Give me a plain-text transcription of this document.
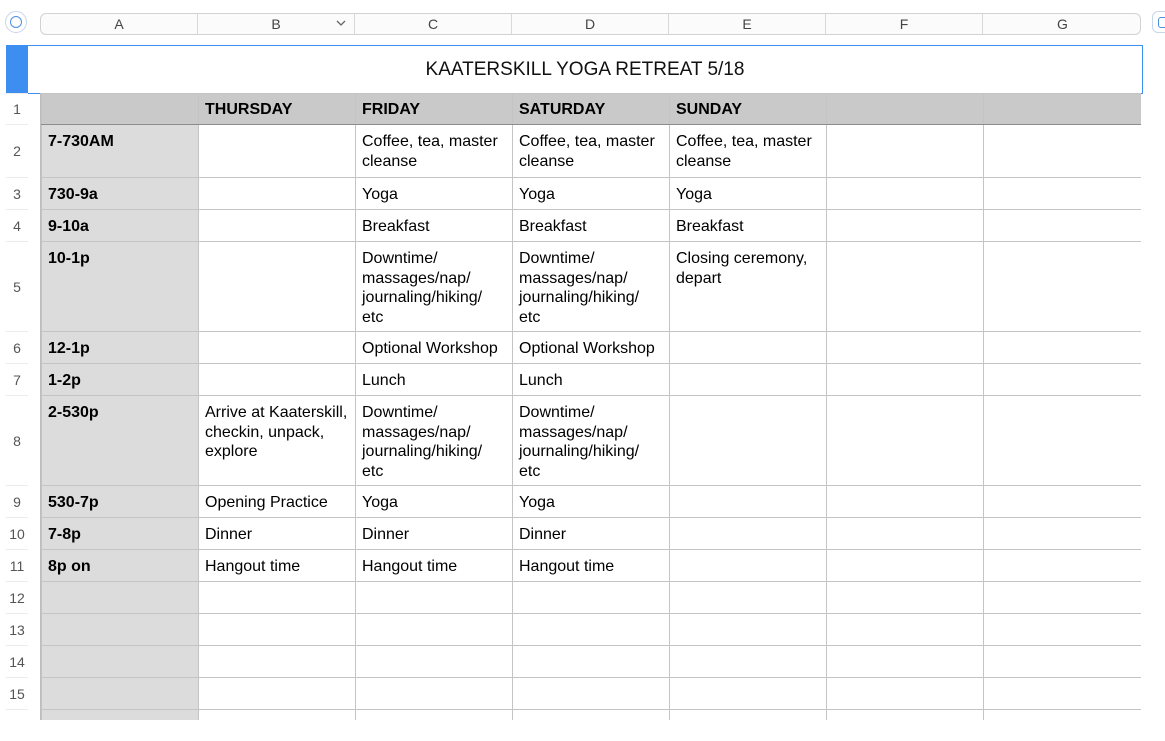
A	B	C	D	E	F	G
KAATERSKILL YOGA RETREAT 5/18
1
2
3
4
5
6
7
8
9
10
11
12
13
14
15
	THURSDAY	FRIDAY	SATURDAY	SUNDAY		
7-730AM		Coffee, tea, master cleanse	Coffee, tea, master cleanse	Coffee, tea, master cleanse		
730-9a		Yoga	Yoga	Yoga		
9-10a		Breakfast	Breakfast	Breakfast		
10-1p		Downtime/ massages/nap/ journaling/hiking/ etc	Downtime/ massages/nap/ journaling/hiking/ etc	Closing ceremony, depart		
12-1p		Optional Workshop	Optional Workshop			
1-2p		Lunch	Lunch			
2-530p	Arrive at Kaaterskill, checkin, unpack, explore	Downtime/ massages/nap/ journaling/hiking/ etc	Downtime/ massages/nap/ journaling/hiking/ etc			
530-7p	Opening Practice	Yoga	Yoga			
7-8p	Dinner	Dinner	Dinner			
8p on	Hangout time	Hangout time	Hangout time			
